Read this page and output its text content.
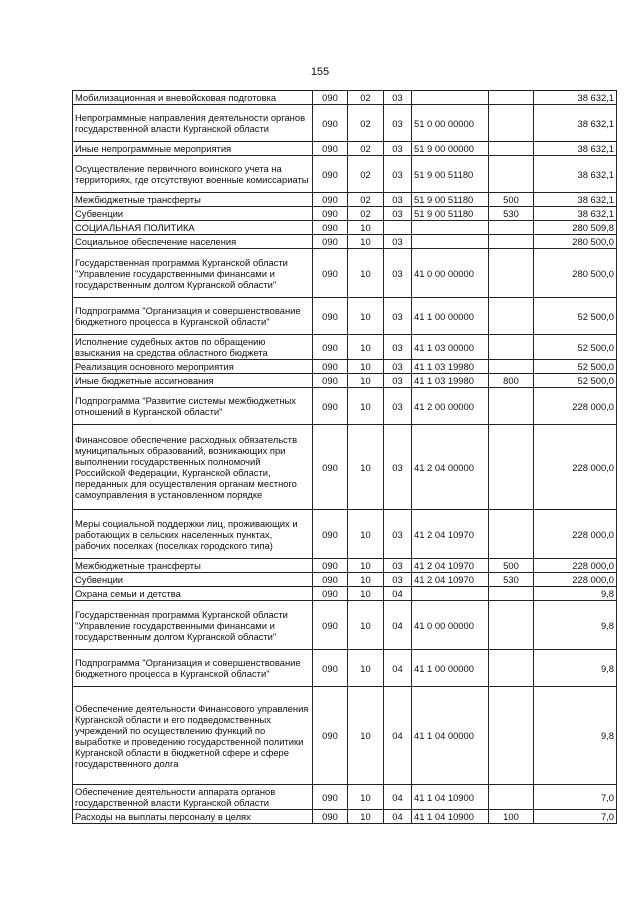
155
Мобилизационная и вневойсковая подготовка	090	02	03			38 632,1
Непрограммные направления деятельности органов государственной власти Курганской области	090	02	03	51 0 00 00000		38 632,1
Иные непрограммные мероприятия	090	02	03	51 9 00 00000		38 632,1
Осуществление первичного воинского учета на территориях, где отсутствуют военные комиссариаты	090	02	03	51 9 00 51180		38 632,1
Межбюджетные трансферты	090	02	03	51 9 00 51180	500	38 632,1
Субвенции	090	02	03	51 9 00 51180	530	38 632,1
СОЦИАЛЬНАЯ ПОЛИТИКА	090	10				280 509,8
Социальное обеспечение населения	090	10	03			280 500,0
Государственная программа Курганской области "Управление государственными финансами и государственным долгом Курганской области"	090	10	03	41 0 00 00000		280 500,0
Подпрограмма "Организация и совершенствование бюджетного процесса в Курганской области"	090	10	03	41 1 00 00000		52 500,0
Исполнение судебных актов по обращению взыскания на средства областного бюджета	090	10	03	41 1 03 00000		52 500,0
Реализация основного мероприятия	090	10	03	41 1 03 19980		52 500,0
Иные бюджетные ассигнования	090	10	03	41 1 03 19980	800	52 500,0
Подпрограмма "Развитие системы межбюджетных отношений в Курганской области"	090	10	03	41 2 00 00000		228 000,0
Финансовое обеспечение расходных обязательств муниципальных образований, возникающих при выполнении государственных полномочий Российской Федерации, Курганской области, переданных для осуществления органам местного самоуправления в установленном порядке	090	10	03	41 2 04 00000		228 000,0
Меры социальной поддержки лиц, проживающих и работающих в сельских населенных пунктах, рабочих поселках (поселках городского типа)	090	10	03	41 2 04 10970		228 000,0
Межбюджетные трансферты	090	10	03	41 2 04 10970	500	228 000,0
Субвенции	090	10	03	41 2 04 10970	530	228 000,0
Охрана семьи и детства	090	10	04			9,8
Государственная программа Курганской области "Управление государственными финансами и государственным долгом Курганской области"	090	10	04	41 0 00 00000		9,8
Подпрограмма "Организация и совершенствование бюджетного процесса в Курганской области"	090	10	04	41 1 00 00000		9,8
Обеспечение деятельности Финансового управления Курганской области и его подведомственных учреждений по осуществлению функций по выработке и проведению государственной политики Курганской области в бюджетной сфере и сфере государственного долга	090	10	04	41 1 04 00000		9,8
Обеспечение деятельности аппарата органов государственной власти Курганской области	090	10	04	41 1 04 10900		7,0
Расходы на выплаты персоналу в целях	090	10	04	41 1 04 10900	100	7,0
